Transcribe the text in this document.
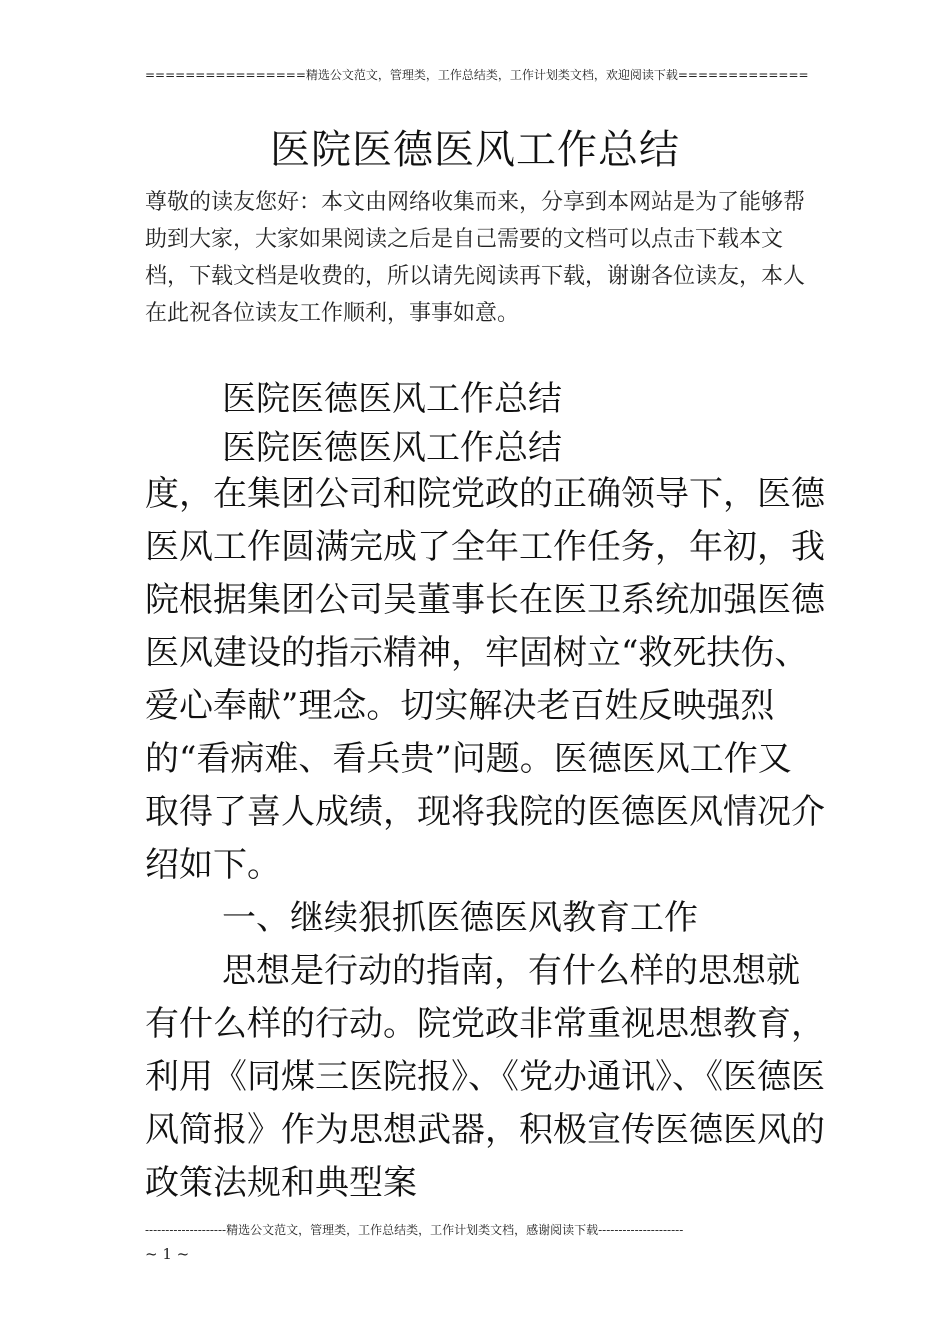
================精选公文范文，管理类，工作总结类，工作计划类文档，欢迎阅读下载=============
医院医德医风工作总结
尊敬的读友您好：本文由网络收集而来，分享到本网站是为了能够帮助到大家，大家如果阅读之后是自己需要的文档可以点击下载本文档，下载文档是收费的，所以请先阅读再下载，谢谢各位读友，本人在此祝各位读友工作顺利，事事如意。
医院医德医风工作总结
医院医德医风工作总结

度，在集团公司和院党政的正确领导下，医德医风工作圆满完成了全年工作任务，年初，我院根据集团公司吴董事长在医卫系统加强医德医风建设的指示精神，牢固树立“救死扶伤、爱心奉献”理念。切实解决老百姓反映强烈的“看病难、看兵贵”问题。医德医风工作又取得了喜人成绩，现将我院的医德医风情况介绍如下。

一、继续狠抓医德医风教育工作

思想是行动的指南，有什么样的思想就有什么样的行动。院党政非常重视思想教育，利用《同煤三医院报》、《党办通讯》、《医德医风简报》作为思想武器，积极宣传医德医风的政策法规和典型案

--------------------精选公文范文，管理类，工作总结类，工作计划类文档，感谢阅读下载---------------------
~ 1 ~
